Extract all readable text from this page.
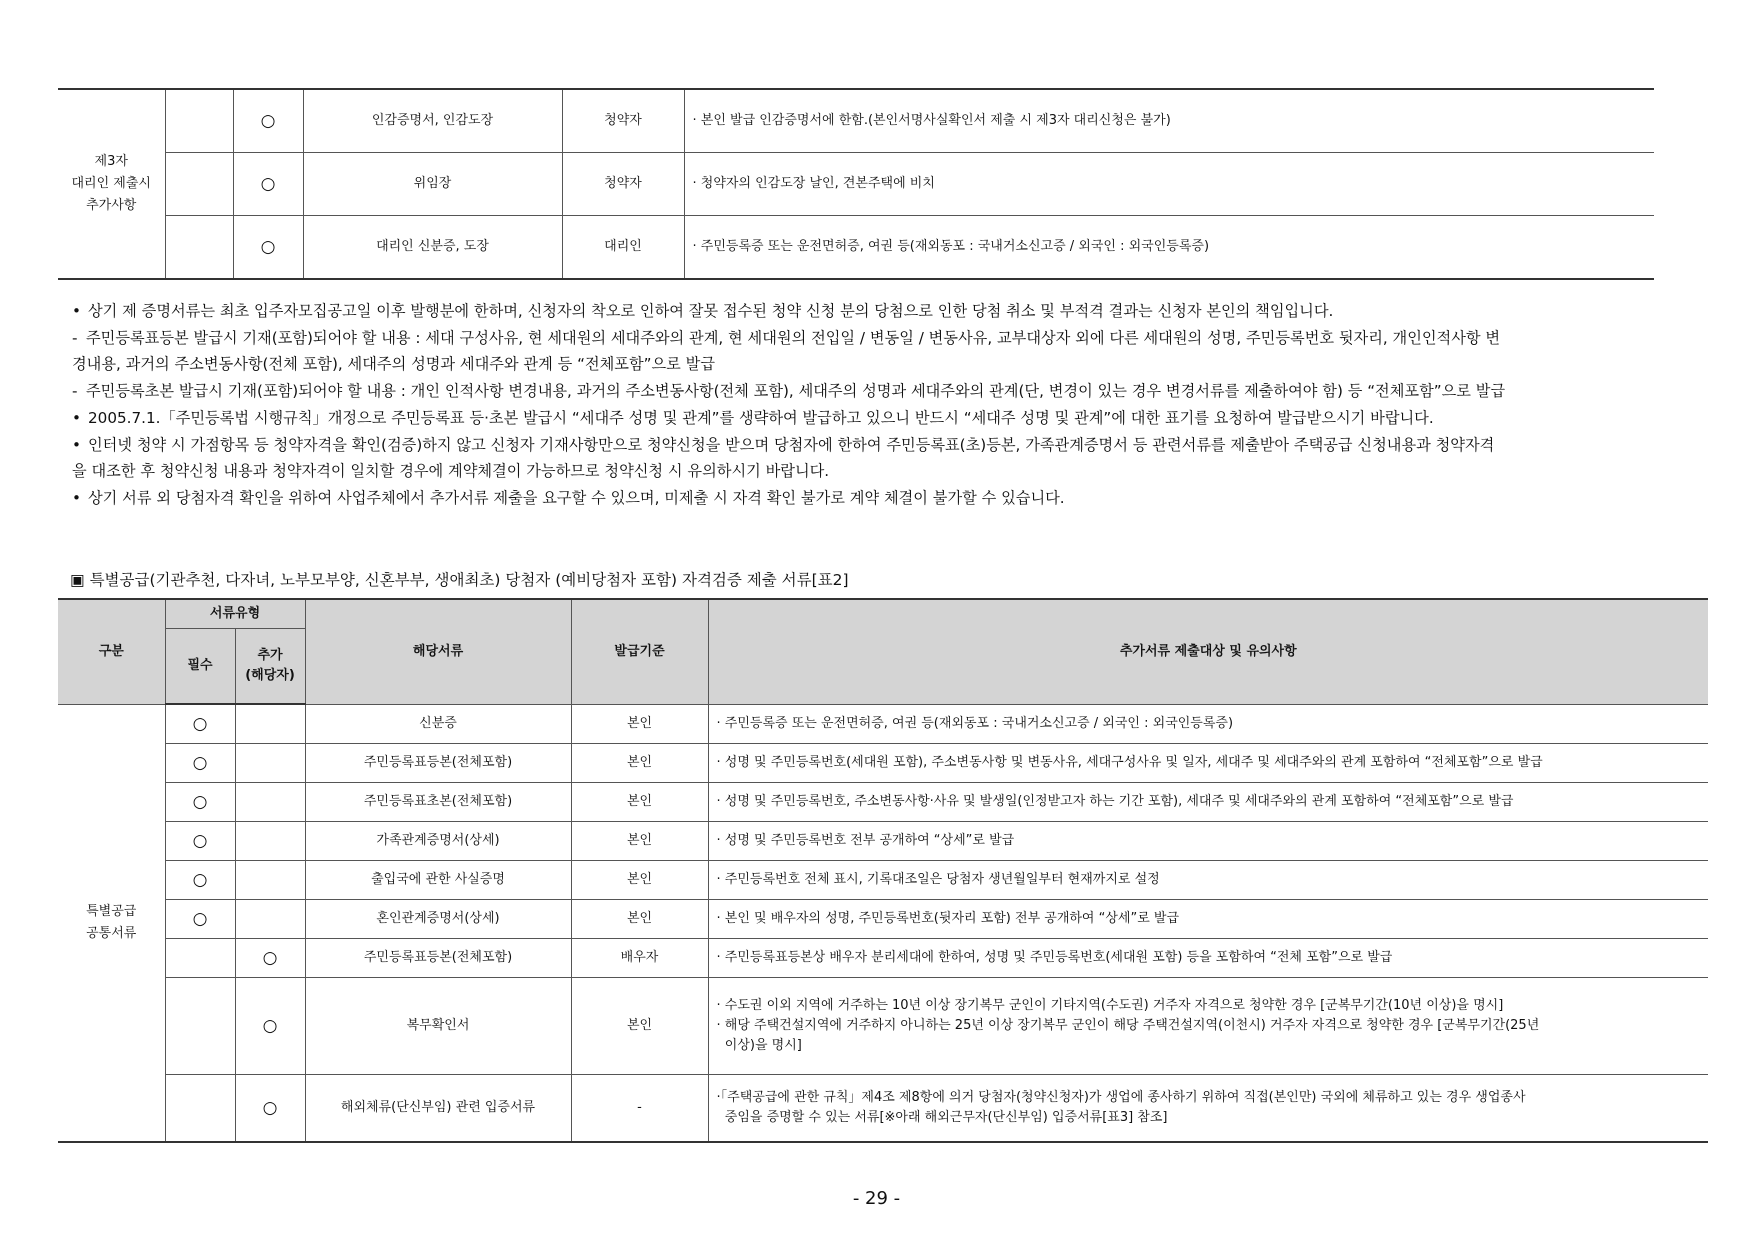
제3자
대리인 제출시
추가사항		○	인감증명서, 인감도장	청약자	· 본인 발급 인감증명서에 한함.(본인서명사실확인서 제출 시 제3자 대리신청은 불가)
		○	위임장	청약자	· 청약자의 인감도장 날인, 견본주택에 비치
		○	대리인 신분증, 도장	대리인	· 주민등록증 또는 운전면허증, 여권 등(재외동포 : 국내거소신고증 / 외국인 : 외국인등록증)
• 상기 제 증명서류는 최초 입주자모집공고일 이후 발행분에 한하며, 신청자의 착오로 인하여 잘못 접수된 청약 신청 분의 당첨으로 인한 당첨 취소 및 부적격 결과는 신청자 본인의 책임입니다.
- 주민등록표등본 발급시 기재(포함)되어야 할 내용 : 세대 구성사유, 현 세대원의 세대주와의 관계, 현 세대원의 전입일 / 변동일 / 변동사유, 교부대상자 외에 다른 세대원의 성명, 주민등록번호 뒷자리, 개인인적사항 변
경내용, 과거의 주소변동사항(전체 포함), 세대주의 성명과 세대주와 관계 등 “전체포함”으로 발급
- 주민등록초본 발급시 기재(포함)되어야 할 내용 : 개인 인적사항 변경내용, 과거의 주소변동사항(전체 포함), 세대주의 성명과 세대주와의 관계(단, 변경이 있는 경우 변경서류를 제출하여야 함) 등 “전체포함”으로 발급
• 2005.7.1.「주민등록법 시행규칙」개정으로 주민등록표 등·초본 발급시 “세대주 성명 및 관계”를 생략하여 발급하고 있으니 반드시 “세대주 성명 및 관계”에 대한 표기를 요청하여 발급받으시기 바랍니다.
• 인터넷 청약 시 가점항목 등 청약자격을 확인(검증)하지 않고 신청자 기재사항만으로 청약신청을 받으며 당첨자에 한하여 주민등록표(초)등본, 가족관계증명서 등 관련서류를 제출받아 주택공급 신청내용과 청약자격
을 대조한 후 청약신청 내용과 청약자격이 일치할 경우에 계약체결이 가능하므로 청약신청 시 유의하시기 바랍니다.
• 상기 서류 외 당첨자격 확인을 위하여 사업주체에서 추가서류 제출을 요구할 수 있으며, 미제출 시 자격 확인 불가로 계약 체결이 불가할 수 있습니다.
▣ 특별공급(기관추천, 다자녀, 노부모부양, 신혼부부, 생애최초) 당첨자 (예비당첨자 포함) 자격검증 제출 서류[표2]
구분	서류유형		해당서류	발급기준	추가서류 제출대상 및 유의사항
	필수	추가
(해당자)			
특별공급
공통서류	○		신분증	본인	· 주민등록증 또는 운전면허증, 여권 등(재외동포 : 국내거소신고증 / 외국인 : 외국인등록증)
	○		주민등록표등본(전체포함)	본인	· 성명 및 주민등록번호(세대원 포함), 주소변동사항 및 변동사유, 세대구성사유 및 일자, 세대주 및 세대주와의 관계 포함하여 “전체포함”으로 발급
	○		주민등록표초본(전체포함)	본인	· 성명 및 주민등록번호, 주소변동사항·사유 및 발생일(인정받고자 하는 기간 포함), 세대주 및 세대주와의 관계 포함하여 “전체포함”으로 발급
	○		가족관계증명서(상세)	본인	· 성명 및 주민등록번호 전부 공개하여 “상세”로 발급
	○		출입국에 관한 사실증명	본인	· 주민등록번호 전체 표시, 기록대조일은 당첨자 생년월일부터 현재까지로 설정
	○		혼인관계증명서(상세)	본인	· 본인 및 배우자의 성명, 주민등록번호(뒷자리 포함) 전부 공개하여 “상세”로 발급
		○	주민등록표등본(전체포함)	배우자	· 주민등록표등본상 배우자 분리세대에 한하여, 성명 및 주민등록번호(세대원 포함) 등을 포함하여 “전체 포함”으로 발급
		○	복무확인서	본인	· 수도권 이외 지역에 거주하는 10년 이상 장기복무 군인이 기타지역(수도권) 거주자 자격으로 청약한 경우 [군복무기간(10년 이상)을 명시]
· 해당 주택건설지역에 거주하지 아니하는 25년 이상 장기복무 군인이 해당 주택건설지역(이천시) 거주자 자격으로 청약한 경우 [군복무기간(25년
이상)을 명시]
		○	해외체류(단신부임) 관련 입증서류	-	·「주택공급에 관한 규칙」제4조 제8항에 의거 당첨자(청약신청자)가 생업에 종사하기 위하여 직접(본인만) 국외에 체류하고 있는 경우 생업종사
중임을 증명할 수 있는 서류[※아래 해외근무자(단신부임) 입증서류[표3] 참조]
- 29 -
